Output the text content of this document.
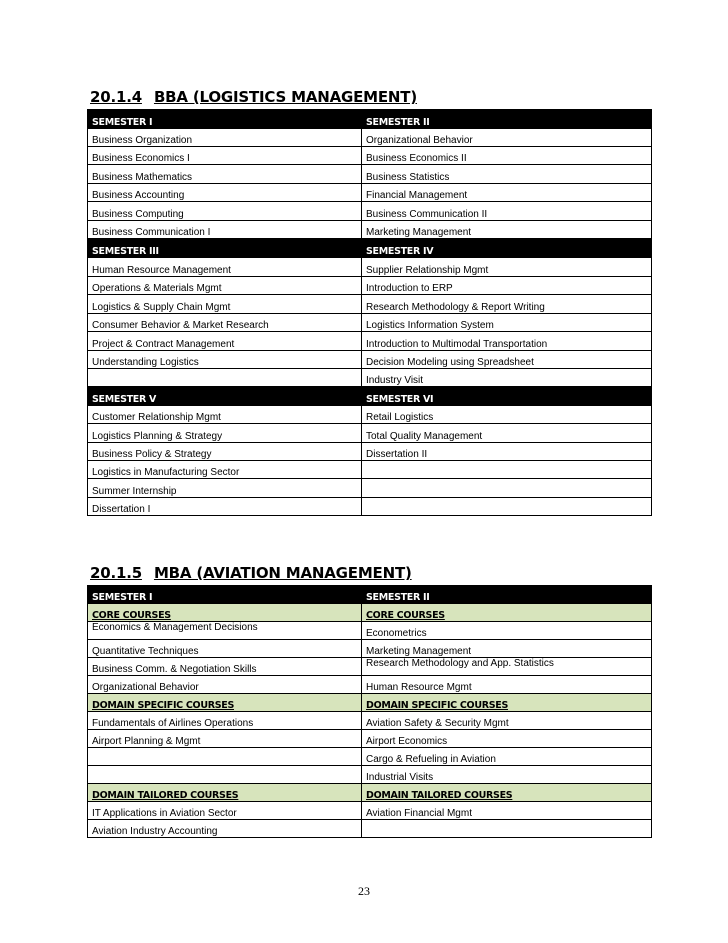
20.1.4 BBA (LOGISTICS MANAGEMENT)
SEMESTER I	SEMESTER II
Business Organization	Organizational Behavior
Business Economics I	Business Economics II
Business Mathematics	Business Statistics
Business Accounting	Financial Management
Business Computing	Business Communication II
Business Communication I	Marketing Management
SEMESTER III	SEMESTER IV
Human Resource Management	Supplier Relationship Mgmt
Operations & Materials Mgmt	Introduction to ERP
Logistics & Supply Chain Mgmt	Research Methodology & Report Writing
Consumer Behavior & Market Research	Logistics Information System
Project & Contract Management	Introduction to Multimodal Transportation
Understanding Logistics	Decision Modeling using Spreadsheet
	Industry Visit
SEMESTER V	SEMESTER VI
Customer Relationship Mgmt	Retail Logistics
Logistics Planning & Strategy	Total Quality Management
Business Policy & Strategy	Dissertation II
Logistics in Manufacturing Sector	
Summer Internship	
Dissertation I	
20.1.5 MBA (AVIATION MANAGEMENT)
SEMESTER I	SEMESTER II
CORE COURSES	CORE COURSES
Economics & Management Decisions	Econometrics
Quantitative Techniques	Marketing Management
Business Comm. & Negotiation Skills	Research Methodology and App. Statistics
Organizational Behavior	Human Resource Mgmt
DOMAIN SPECIFIC COURSES	DOMAIN SPECIFIC COURSES
Fundamentals of Airlines Operations	Aviation Safety & Security Mgmt
Airport Planning & Mgmt	Airport Economics
	Cargo & Refueling in Aviation
	Industrial Visits
DOMAIN TAILORED COURSES	DOMAIN TAILORED COURSES
IT Applications in Aviation Sector	Aviation Financial Mgmt
Aviation Industry Accounting	
23
